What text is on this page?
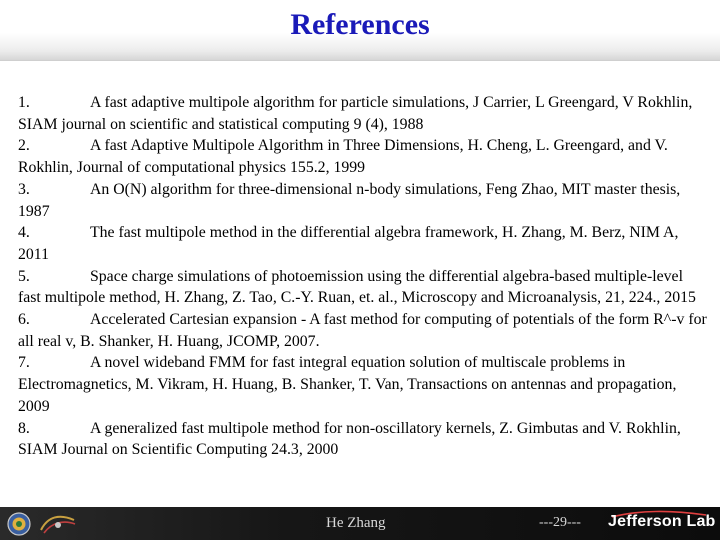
References

1.	A fast adaptive multipole algorithm for particle simulations, J Carrier, L Greengard, V Rokhlin, SIAM journal on scientific and statistical computing 9 (4), 1988

2.	A fast Adaptive Multipole Algorithm in Three Dimensions, H. Cheng, L. Greengard, and V. Rokhlin, Journal of computational physics 155.2, 1999

3.	An O(N) algorithm for three-dimensional n-body simulations, Feng Zhao, MIT master thesis, 1987

4.	The fast multipole method in the differential algebra framework, H. Zhang, M. Berz, NIM A, 2011

5.	Space charge simulations of photoemission using the differential algebra-based multiple-level fast multipole method, H. Zhang, Z. Tao, C.-Y. Ruan, et. al., Microscopy and Microanalysis, 21, 224., 2015

6.	Accelerated Cartesian expansion - A fast method for computing of potentials of the form R^-v for all real v, B. Shanker, H. Huang, JCOMP, 2007.

7.	A novel wideband FMM for fast integral equation solution of multiscale problems in Electromagnetics, M. Vikram, H. Huang, B. Shanker, T. Van, Transactions on antennas and propagation, 2009

8.	A generalized fast multipole method for non-oscillatory kernels, Z. Gimbutas and V. Rokhlin, SIAM Journal on Scientific Computing 24.3, 2000

He Zhang	---29--- Jefferson Lab
